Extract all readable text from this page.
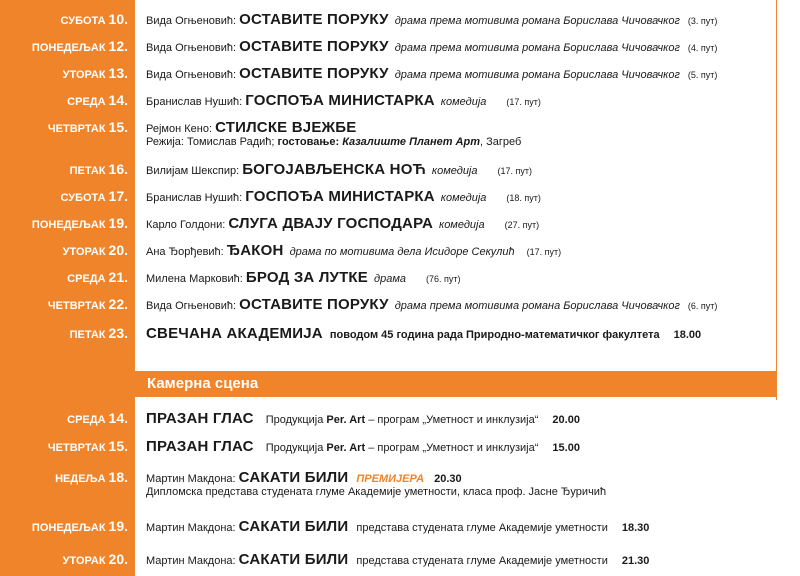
СУБОТА 10. Вида Огњеновић: ОСТАВИТЕ ПОРУКУ драма према мотивима романа Борислава Чичовачког (3. пут)
ПОНЕДЕЉАК 12. Вида Огњеновић: ОСТАВИТЕ ПОРУКУ драма према мотивима романа Борислава Чичовачког (4. пут)
УТОРАК 13. Вида Огњеновић: ОСТАВИТЕ ПОРУКУ драма према мотивима романа Борислава Чичовачког (5. пут)
СРЕДА 14. Бранислав Нушић: ГОСПОЂА МИНИСТАРКА комедија (17. пут)
ЧЕТВРТАК 15. Рејмон Кено: СТИЛСКЕ ВЈЕЖБЕ
Режија: Томислав Радић; гостовање: Казалиште Планет Арт, Загреб
ПЕТАК 16. Вилијам Шекспир: БОГОЈАВЉЕНСКА НОЋ комедија (17. пут)
СУБОТА 17. Бранислав Нушић: ГОСПОЂА МИНИСТАРКА комедија (18. пут)
ПОНЕДЕЉАК 19. Карло Голдони: СЛУГА ДВАЈУ ГОСПОДАРА комедија (27. пут)
УТОРАК 20. Ана Ђорђевић: ЂАКОН драма по мотивима дела Исидоре Секулић (17. пут)
СРЕДА 21. Милена Марковић: БРОД ЗА ЛУТКЕ драма (76. пут)
ЧЕТВРТАК 22. Вида Огњеновић: ОСТАВИТЕ ПОРУКУ драма према мотивима романа Борислава Чичовачког (6. пут)
ПЕТАК 23. СВЕЧАНА АКАДЕМИЈА поводом 45 година рада Природно-математичког факултета 18.00
Камерна сцена
СРЕДА 14. ПРАЗАН ГЛАС Продукција Per. Art – програм „Уметност и инклузија“ 20.00
ЧЕТВРТАК 15. ПРАЗАН ГЛАС Продукција Per. Art – програм „Уметност и инклузија“ 15.00
НЕДЕЉА 18. Мартин Макдона: САКАТИ БИЛИ ПРЕМИЈЕРА 20.30
Дипломска представа студената глуме Академије уметности, класа проф. Јасне Ђуричић
ПОНЕДЕЉАК 19. Мартин Макдона: САКАТИ БИЛИ представа студената глуме Академије уметности 18.30
УТОРАК 20. Мартин Макдона: САКАТИ БИЛИ представа студената глуме Академије уметности 21.30
